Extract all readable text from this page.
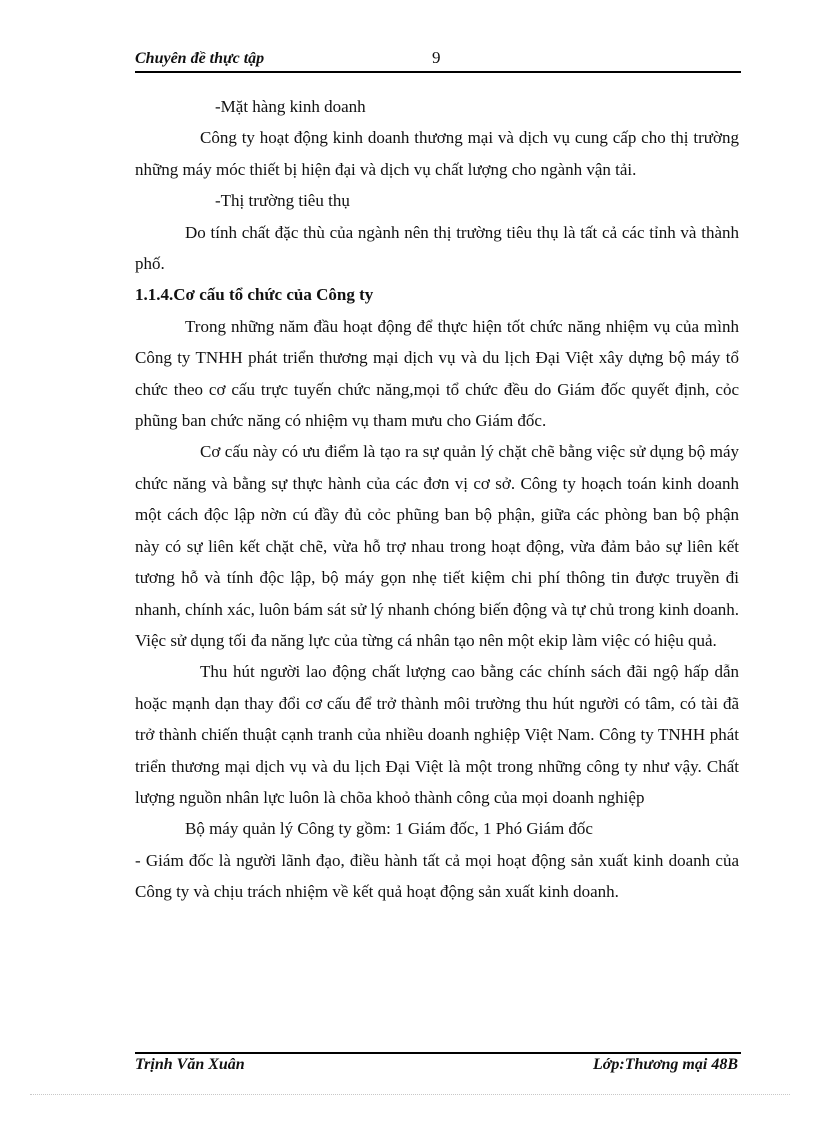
Chuyên đề thực tập	9

-Mặt hàng kinh doanh

Công ty hoạt động kinh doanh thương mại và dịch vụ cung cấp cho thị trường những máy móc thiết bị hiện đại và dịch vụ chất lượng cho ngành vận tải.

-Thị trường tiêu thụ

Do tính chất đặc thù của ngành nên thị trường tiêu thụ là tất cả các tỉnh và thành phố.

1.1.4.Cơ cấu tổ chức của Công ty

Trong những năm đầu hoạt động để thực hiện tốt chức năng nhiệm vụ của mình Công ty TNHH phát triển thương mại dịch vụ và du lịch Đại Việt xây dựng bộ máy tổ chức theo cơ cấu trực tuyến chức năng,mọi tổ chức đều do Giám đốc quyết định, cỏc phũng ban chức năng có nhiệm vụ tham mưu cho Giám đốc.

Cơ cấu này có ưu điểm là tạo ra sự quản lý chặt chẽ bằng việc sử dụng bộ máy chức năng và bằng sự thực hành của các đơn vị cơ sở. Công ty hoạch toán kinh doanh một cách độc lập nờn cú đầy đủ cỏc phũng ban bộ phận, giữa các phòng ban bộ phận này có sự liên kết chặt chẽ, vừa hỗ trợ nhau trong hoạt động, vừa đảm bảo sự liên kết tương hỗ và tính độc lập, bộ máy gọn nhẹ tiết kiệm chi phí thông tin được truyền đi nhanh, chính xác, luôn bám sát sử lý nhanh chóng biến động và tự chủ trong kinh doanh. Việc sử dụng tối đa năng lực của từng cá nhân tạo nên một ekip làm việc có hiệu quả.

Thu hút người lao động chất lượng cao bằng các chính sách đãi ngộ hấp dẫn hoặc mạnh dạn thay đổi cơ cấu để trở thành môi trường thu hút người có tâm, có tài đã trở thành chiến thuật cạnh tranh của nhiều doanh nghiệp Việt Nam. Công ty TNHH phát triển thương mại dịch vụ và du lịch Đại Việt là một trong những công ty như vậy. Chất lượng nguồn nhân lực luôn là chõa khoỏ thành công của mọi doanh nghiệp

Bộ máy quản lý Công ty gồm: 1 Giám đốc, 1 Phó Giám đốc

- Giám đốc là người lãnh đạo, điều hành tất cả mọi hoạt động sản xuất kinh doanh của Công ty và chịu trách nhiệm về kết quả hoạt động sản xuất kinh doanh.

Trịnh Văn Xuân	Lớp:Thương mại 48B
